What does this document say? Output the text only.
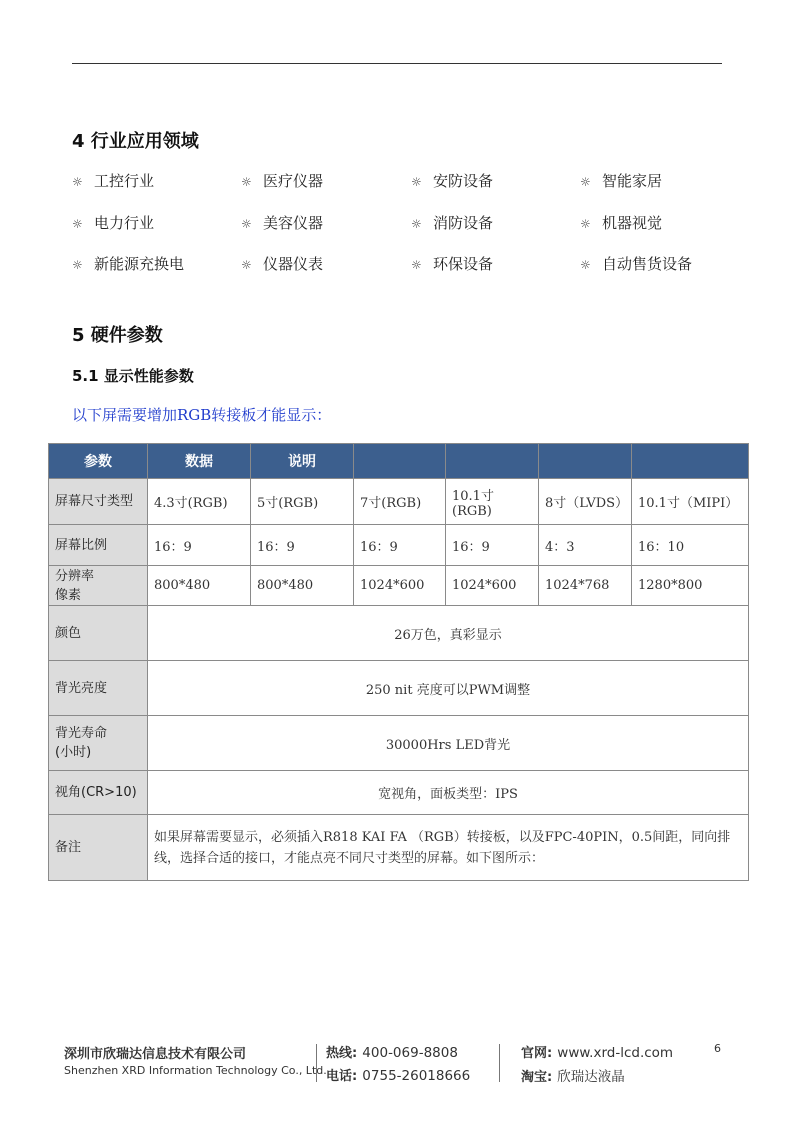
4 行业应用领域
☼ 工控行业	☼ 医疗仪器	☼ 安防设备	☼ 智能家居
☼ 电力行业	☼ 美容仪器	☼ 消防设备	☼ 机器视觉
☼ 新能源充换电	☼ 仪器仪表	☼ 环保设备	☼ 自动售货设备
5 硬件参数
5.1 显示性能参数
以下屏需要增加RGB转接板才能显示：
参数	数据	说明				
屏幕尺寸类型	4.3寸(RGB)	5寸(RGB)	7寸(RGB)	10.1寸(RGB)	8寸（LVDS）	10.1寸（MIPI）
屏幕比例	16：9	16：9	16：9	16：9	4：3	16：10
分辨率
像素	800*480	800*480	1024*600	1024*600	1024*768	1280*800
颜色	26万色，真彩显示					
背光亮度	250 nit 亮度可以PWM调整					
背光寿命
(小时)	30000Hrs LED背光					
视角(CR>10)	宽视角，面板类型：IPS					
备注	如果屏幕需要显示，必须插入R818 KAI FA （RGB）转接板，以及FPC-40PIN，0.5间距，同向排线，选择合适的接口，才能点亮不同尺寸类型的屏幕。如下图所示：					
深圳市欣瑞达信息技术有限公司
Shenzhen XRD Information Technology Co., Ltd.
热线: 400-069-8808
电话: 0755-26018666
官网: www.xrd-lcd.com
淘宝: 欣瑞达液晶
6
